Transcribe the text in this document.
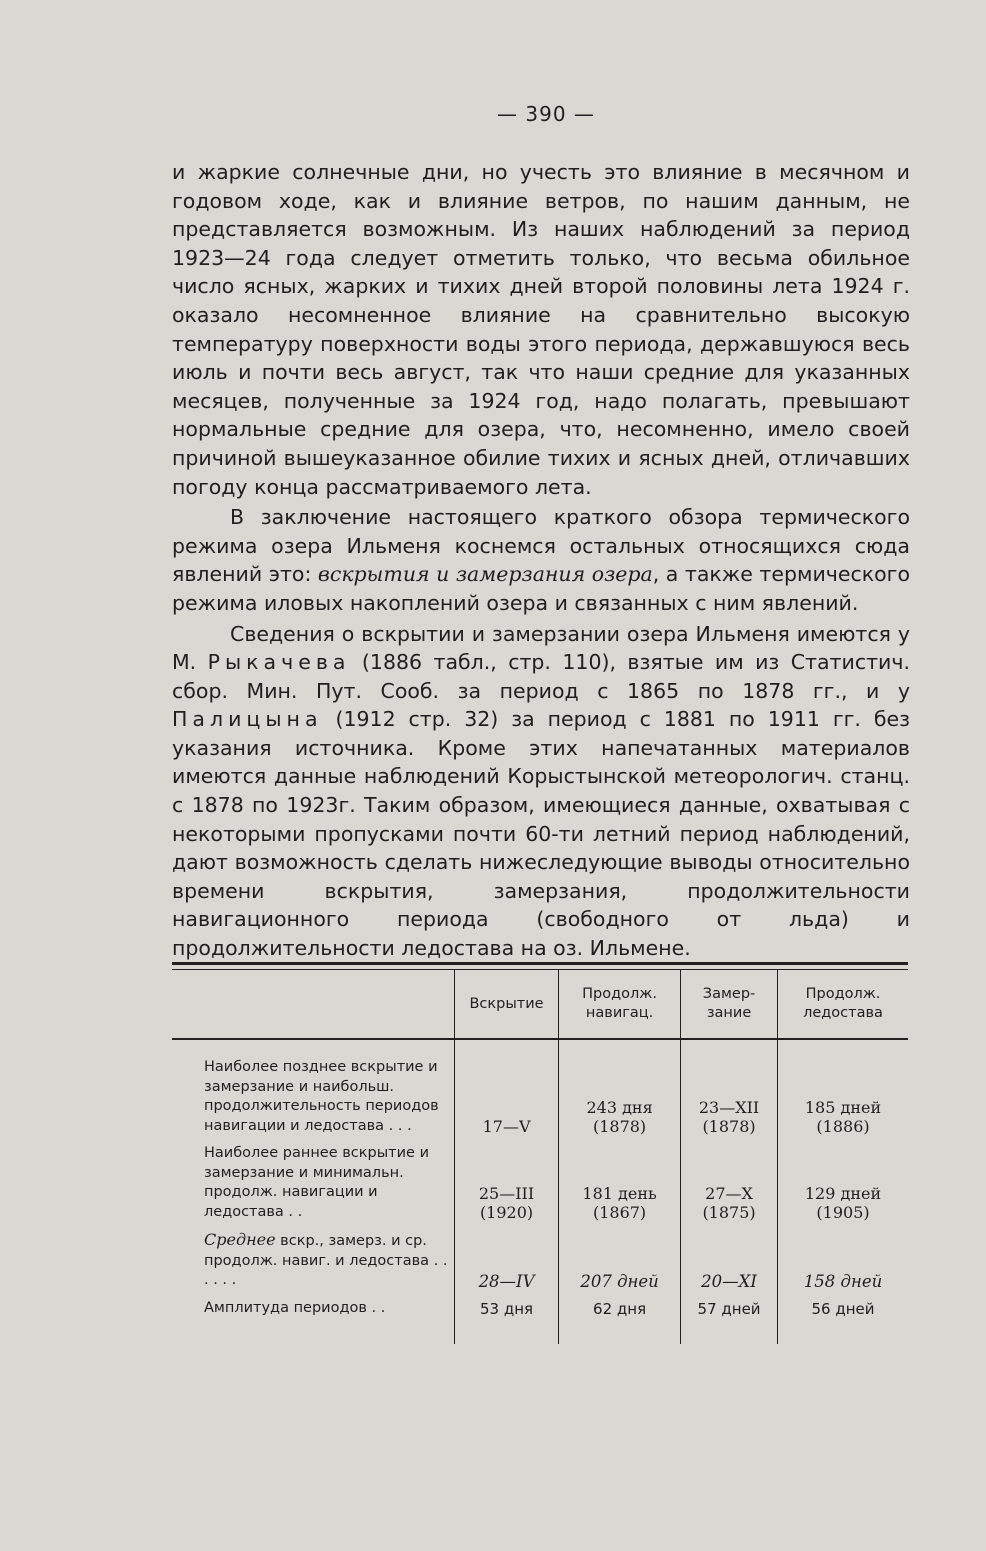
— 390 —

и жаркие солнечные дни, но учесть это влияние в месячном и годовом ходе, как и влияние ветров, по нашим данным, не представляется возможным. Из наших наблюдений за период 1923—24 года следует отметить только, что весьма обильное число ясных, жарких и тихих дней второй половины лета 1924 г. оказало несомненное влияние на сравнительно высокую температуру поверхности воды этого периода, державшуюся весь июль и почти весь август, так что наши средние для указанных месяцев, полученные за 1924 год, надо полагать, превышают нормальные средние для озера, что, несомненно, имело своей причиной вышеуказанное обилие тихих и ясных дней, отличавших погоду конца рассматриваемого лета.

В заключение настоящего краткого обзора термического режима озера Ильменя коснемся остальных относящихся сюда явлений это: вскрытия и замерзания озера, а также термического режима иловых накоплений озера и связанных с ним явлений.

Сведения о вскрытии и замерзании озера Ильменя имеются у М. Рыкачева (1886 табл., стр. 110), взятые им из Статистич. сбор. Мин. Пут. Сооб. за период с 1865 по 1878 гг., и у Палицына (1912 стр. 32) за период с 1881 по 1911 гг. без указания источника. Кроме этих напечатанных материалов имеются данные наблюдений Корыстынской метеорологич. станц. с 1878 по 1923г. Таким образом, имеющиеся данные, охватывая с некоторыми пропусками почти 60-ти летний период наблюдений, дают возможность сделать нижеследующие выводы относительно времени вскрытия, замерзания, продолжительности навигационного периода (свободного от льда) и продолжительности ледостава на оз. Ильмене.

	Вскрытие	Продолж. навигац.	Замер- зание	Продолж. ледостава
Наиболее позднее вскрытие и замерзание и наибольш. продолжительность периодов навигации и ледостава . . .	17—V	243 дня (1878)	23—XII (1878)	185 дней (1886)
Наиболее раннее вскрытие и замерзание и минимальн. продолж. навигации и ледостава . .	25—III (1920)	181 день (1867)	27—X (1875)	129 дней (1905)
Среднее вскр., замерз. и ср. продолж. навиг. и ледостава . . . . . .	28—IV	207 дней	20—XI	158 дней
Амплитуда периодов . .	53 дня	62 дня	57 дней	56 дней
